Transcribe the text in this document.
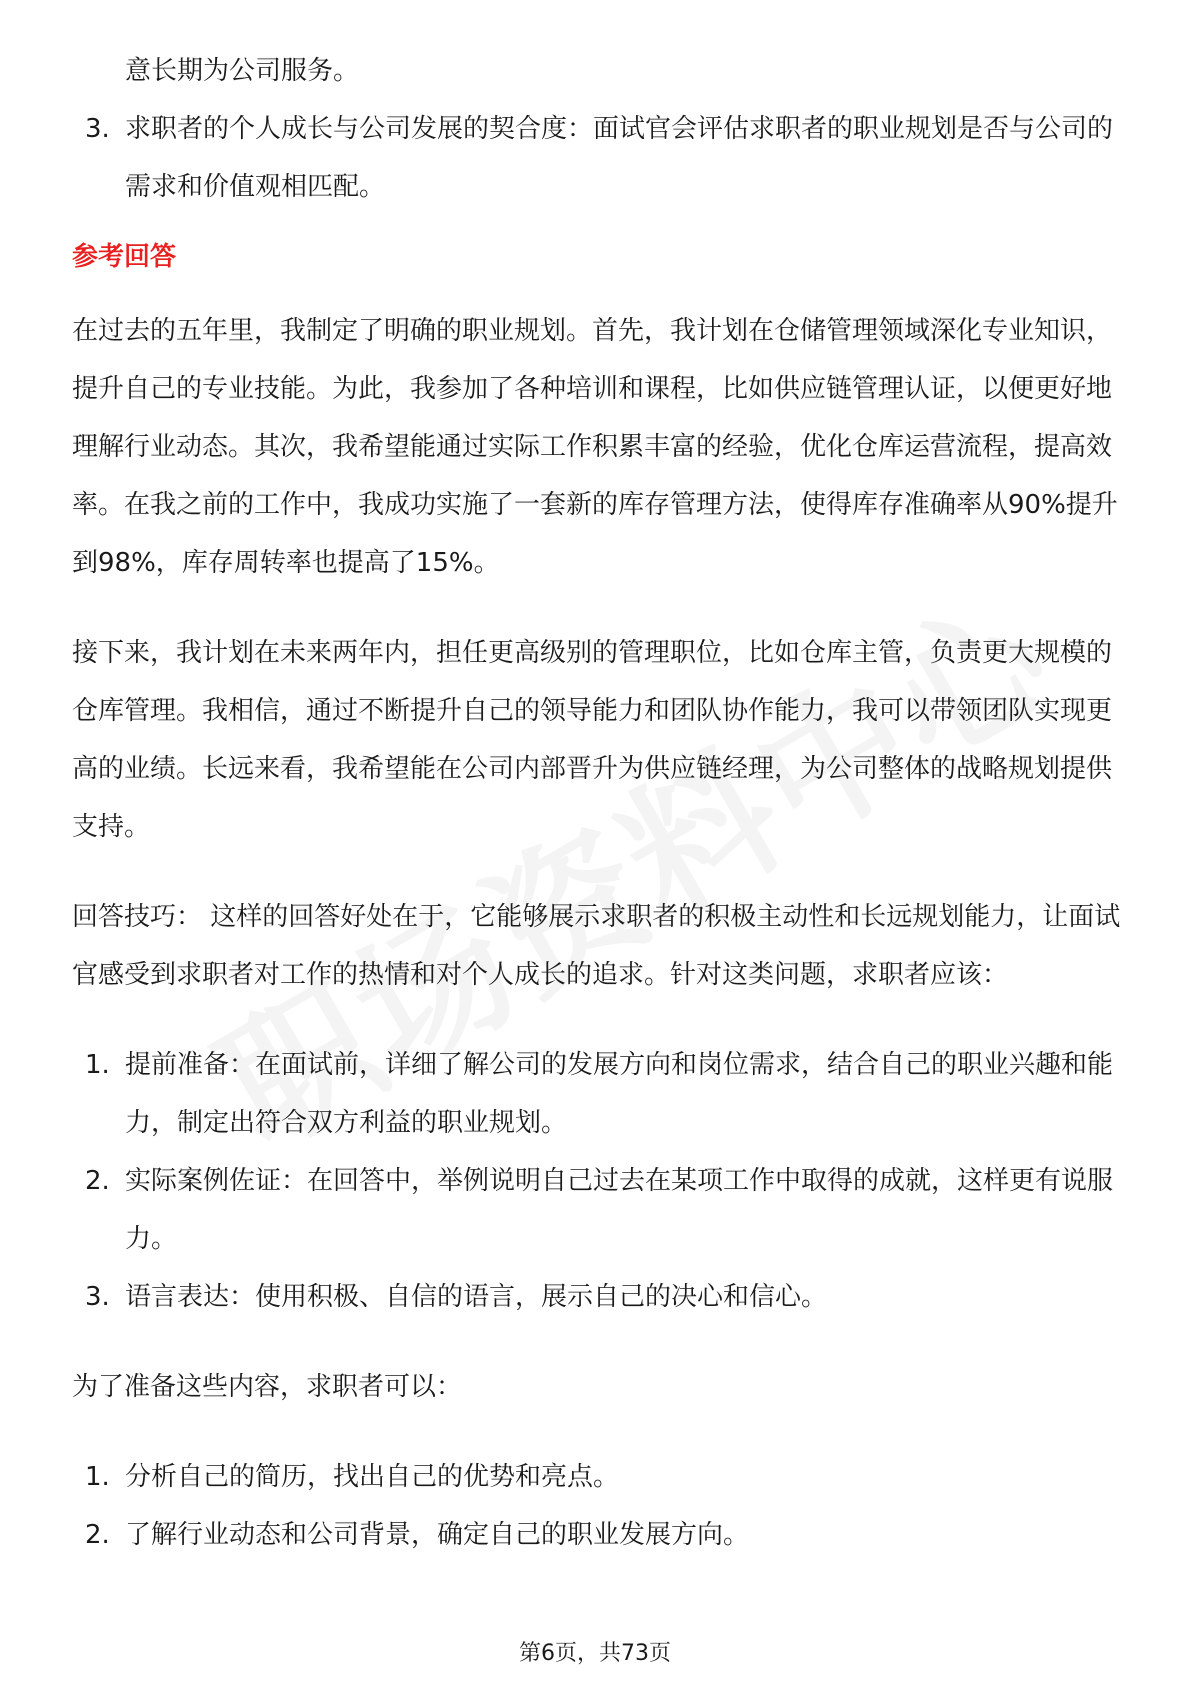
意长期为公司服务。
3. 求职者的个人成长与公司发展的契合度：面试官会评估求职者的职业规划是否与公司的需求和价值观相匹配。
参考回答

在过去的五年里，我制定了明确的职业规划。首先，我计划在仓储管理领域深化专业知识，提升自己的专业技能。为此，我参加了各种培训和课程，比如供应链管理认证，以便更好地理解行业动态。其次，我希望能通过实际工作积累丰富的经验，优化仓库运营流程，提高效率。在我之前的工作中，我成功实施了一套新的库存管理方法，使得库存准确率从90%提升到98%，库存周转率也提高了15%。

接下来，我计划在未来两年内，担任更高级别的管理职位，比如仓库主管，负责更大规模的仓库管理。我相信，通过不断提升自己的领导能力和团队协作能力，我可以带领团队实现更高的业绩。长远来看，我希望能在公司内部晋升为供应链经理，为公司整体的战略规划提供支持。

回答技巧： 这样的回答好处在于，它能够展示求职者的积极主动性和长远规划能力，让面试官感受到求职者对工作的热情和对个人成长的追求。针对这类问题，求职者应该：

1. 提前准备：在面试前，详细了解公司的发展方向和岗位需求，结合自己的职业兴趣和能力，制定出符合双方利益的职业规划。
2. 实际案例佐证：在回答中，举例说明自己过去在某项工作中取得的成就，这样更有说服力。
3. 语言表达：使用积极、自信的语言，展示自己的决心和信心。

为了准备这些内容，求职者可以：

1. 分析自己的简历，找出自己的优势和亮点。
2. 了解行业动态和公司背景，确定自己的职业发展方向。
第6页，共73页
